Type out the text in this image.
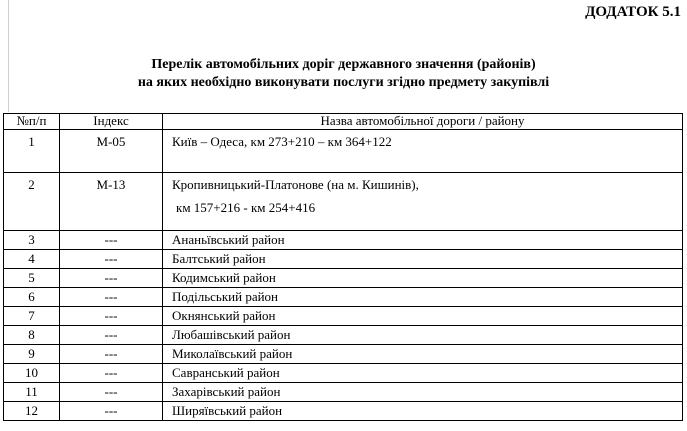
ДОДАТОК 5.1
Перелік автомобільних доріг державного значення (районів)
на яких необхідно виконувати послуги згідно предмету закупівлі
№п/п	Індекс	Назва автомобільної дороги / району
1	М-05	Київ – Одеса, км 273+210 – км 364+122
2	М-13	Кропивницький-Платонове (на м. Кишинів),
км 157+216 - км 254+416

3	---	Ананьївський район
4	---	Балтський район
5	---	Кодимський район
6	---	Подільський район
7	---	Окнянський район
8	---	Любашівський район
9	---	Миколаївський район
10	---	Савранський район
11	---	Захарівський район
12	---	Ширяївський район
